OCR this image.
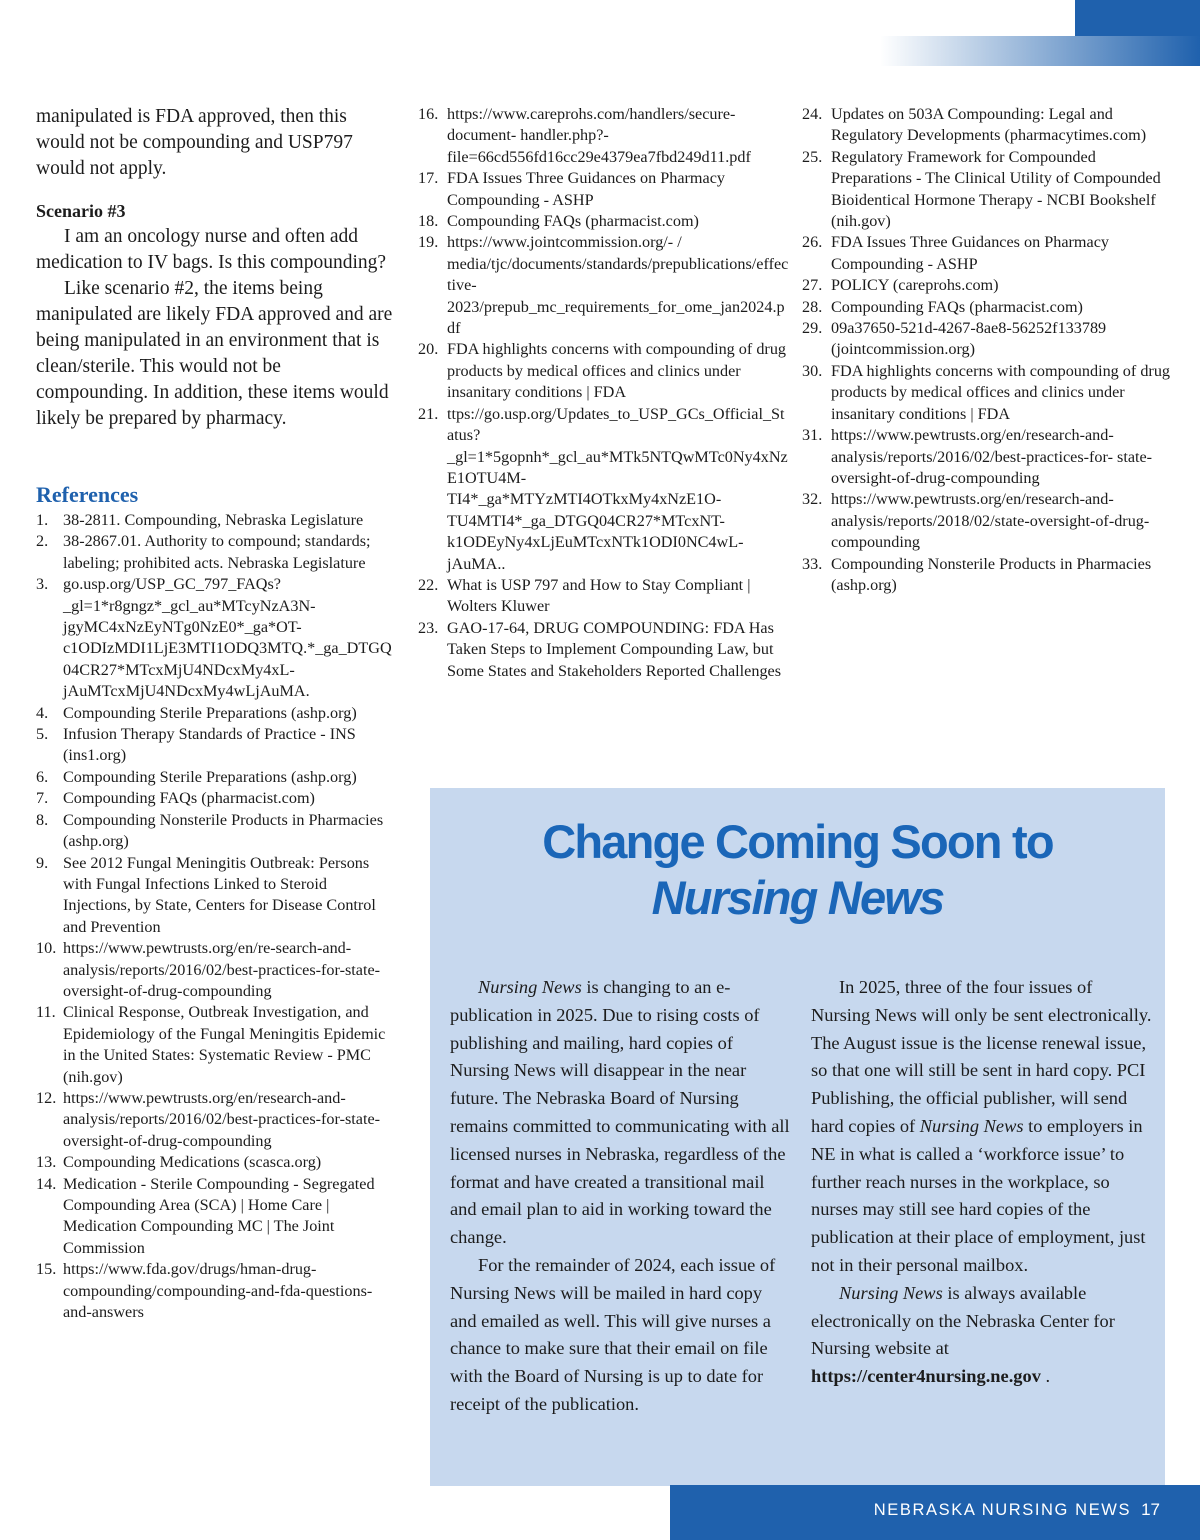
manipulated is FDA approved, then this would not be compounding and USP797 would not apply.

Scenario #3

I am an oncology nurse and often add medication to IV bags. Is this compounding?

Like scenario #2, the items being manipulated are likely FDA approved and are being manipulated in an environment that is clean/sterile. This would not be compounding. In addition, these items would likely be prepared by pharmacy.

References
1. 38-2811. Compounding, Nebraska Legislature
2. 38-2867.01. Authority to compound; standards; labeling; prohibited acts. Nebraska Legislature
3. go.usp.org/USP_GC_797_FAQs?_gl=1*r8gngz*_gcl_au*MTcyNzA3N-jgyMC4xNzEyNTg0NzE0*_ga*OT-c1ODIzMDI1LjE3MTI1ODQ3MTQ.*_ga_DTGQ04CR27*MTcxMjU4NDcxMy4xL-jAuMTcxMjU4NDcxMy4wLjAuMA.
4. Compounding Sterile Preparations (ashp.org)
5. Infusion Therapy Standards of Practice - INS (ins1.org)
6. Compounding Sterile Preparations (ashp.org)
7. Compounding FAQs (pharmacist.com)
8. Compounding Nonsterile Products in Pharmacies (ashp.org)
9. See 2012 Fungal Meningitis Outbreak: Persons with Fungal Infections Linked to Steroid Injections, by State, Centers for Disease Control and Prevention
10. https://www.pewtrusts.org/en/re-search-and-analysis/reports/2016/02/best-practices-for-state-oversight-of-drug-compounding
11. Clinical Response, Outbreak Investigation, and Epidemiology of the Fungal Meningitis Epidemic in the United States: Systematic Review - PMC (nih.gov)
12. https://www.pewtrusts.org/en/research-and-analysis/reports/2016/02/best-practices-for-state-oversight-of-drug-compounding
13. Compounding Medications (scasca.org)
14. Medication - Sterile Compounding - Segregated Compounding Area (SCA) | Home Care | Medication Compounding MC | The Joint Commission
15. https://www.fda.gov/drugs/hman-drug-compounding/compounding-and-fda-questions-and-answers
16. https://www.careprohs.com/handlers/secure-document- handler.php?-file=66cd556fd16cc29e4379ea7fbd249d11.pdf
17. FDA Issues Three Guidances on Pharmacy Compounding - ASHP
18. Compounding FAQs (pharmacist.com)
19. https://www.jointcommission.org/- / media/tjc/documents/standards/prepublications/effective-2023/prepub_mc_requirements_for_ome_jan2024.pdf
20. FDA highlights concerns with compounding of drug products by medical offices and clinics under insanitary conditions | FDA
21. ttps://go.usp.org/Updates_to_USP_GCs_Official_Status?_gl=1*5gopnh*_gcl_au*MTk5NTQwMTc0Ny4xNzE1OTU4M-TI4*_ga*MTYzMTI4OTkxMy4xNzE1O-TU4MTI4*_ga_DTGQ04CR27*MTcxNT-k1ODEyNy4xLjEuMTcxNTk1ODI0NC4wL-jAuMA..
22. What is USP 797 and How to Stay Compliant | Wolters Kluwer
23. GAO-17-64, DRUG COMPOUNDING: FDA Has Taken Steps to Implement Compounding Law, but Some States and Stakeholders Reported Challenges
24. Updates on 503A Compounding: Legal and Regulatory Developments (pharmacytimes.com)
25. Regulatory Framework for Compounded Preparations - The Clinical Utility of Compounded Bioidentical Hormone Therapy - NCBI Bookshelf (nih.gov)
26. FDA Issues Three Guidances on Pharmacy Compounding - ASHP
27. POLICY (careprohs.com)
28. Compounding FAQs (pharmacist.com)
29. 09a37650-521d-4267-8ae8-56252f133789 (jointcommission.org)
30. FDA highlights concerns with compounding of drug products by medical offices and clinics under insanitary conditions | FDA
31. https://www.pewtrusts.org/en/research-and-analysis/reports/2016/02/best-practices-for- state-oversight-of-drug-compounding
32. https://www.pewtrusts.org/en/research-and-analysis/reports/2018/02/state-oversight-of-drug-compounding
33. Compounding Nonsterile Products in Pharmacies (ashp.org)
Change Coming Soon to
Nursing News

Nursing News is changing to an e-publication in 2025. Due to rising costs of publishing and mailing, hard copies of Nursing News will disappear in the near future. The Nebraska Board of Nursing remains committed to communicating with all licensed nurses in Nebraska, regardless of the format and have created a transitional mail and email plan to aid in working toward the change.

For the remainder of 2024, each issue of Nursing News will be mailed in hard copy and emailed as well. This will give nurses a chance to make sure that their email on file with the Board of Nursing is up to date for receipt of the publication.

In 2025, three of the four issues of Nursing News will only be sent electronically. The August issue is the license renewal issue, so that one will still be sent in hard copy. PCI Publishing, the official publisher, will send hard copies of Nursing News to employers in NE in what is called a ‘workforce issue’ to further reach nurses in the workplace, so nurses may still see hard copies of the publication at their place of employment, just not in their personal mailbox.

Nursing News is always available electronically on the Nebraska Center for Nursing website at https://center4nursing.ne.gov .

NEBRASKA NURSING NEWS 17
